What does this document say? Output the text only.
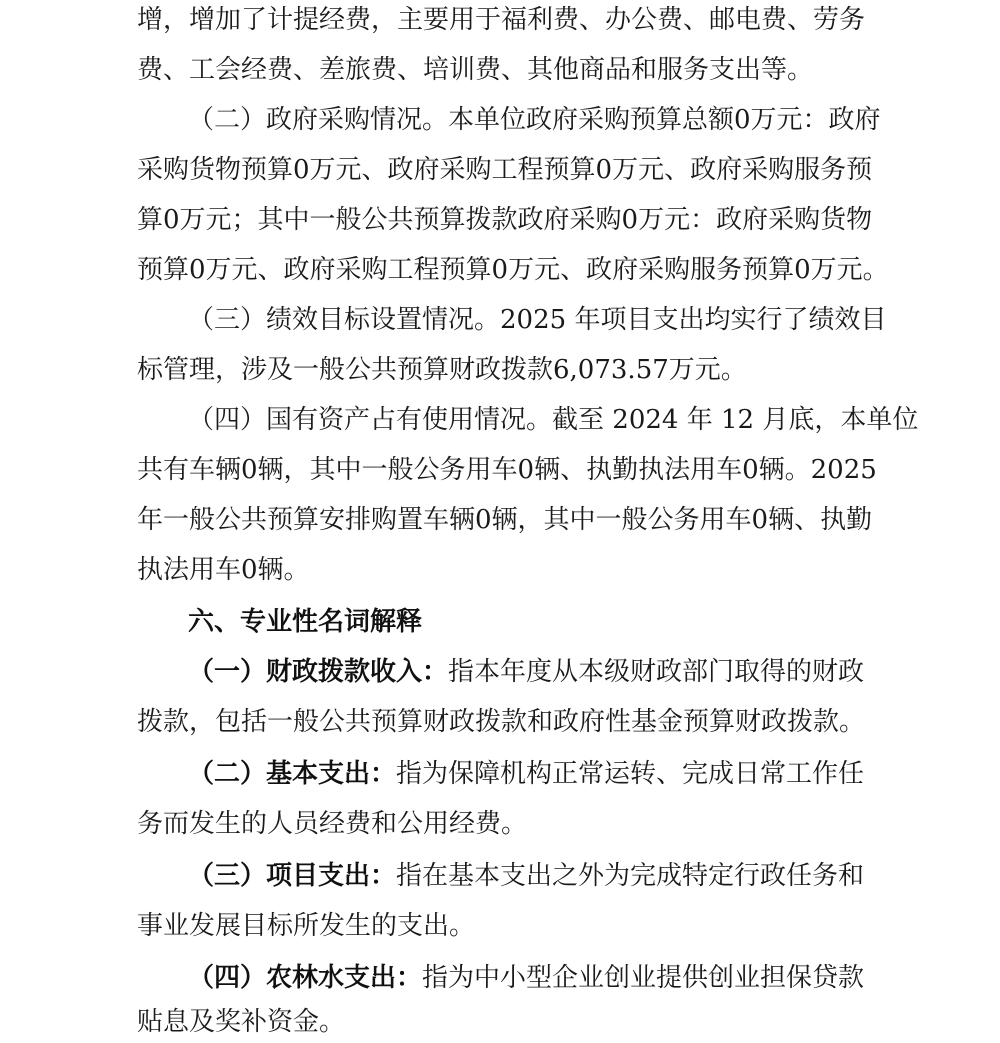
增，增加了计提经费，主要用于福利费、办公费、邮电费、劳务
费、工会经费、差旅费、培训费、其他商品和服务支出等。
（二）政府采购情况。本单位政府采购预算总额0万元：政府
采购货物预算0万元、政府采购工程预算0万元、政府采购服务预
算0万元；其中一般公共预算拨款政府采购0万元：政府采购货物
预算0万元、政府采购工程预算0万元、政府采购服务预算0万元。
（三）绩效目标设置情况。2025 年项目支出均实行了绩效目
标管理，涉及一般公共预算财政拨款6,073.57万元。
（四）国有资产占有使用情况。截至 2024 年 12 月底，本单位
共有车辆0辆，其中一般公务用车0辆、执勤执法用车0辆。2025
年一般公共预算安排购置车辆0辆，其中一般公务用车0辆、执勤
执法用车0辆。
六、专业性名词解释
（一）财政拨款收入：指本年度从本级财政部门取得的财政
拨款，包括一般公共预算财政拨款和政府性基金预算财政拨款。
（二）基本支出：指为保障机构正常运转、完成日常工作任
务而发生的人员经费和公用经费。
（三）项目支出：指在基本支出之外为完成特定行政任务和
事业发展目标所发生的支出。
（四）农林水支出：指为中小型企业创业提供创业担保贷款
贴息及奖补资金。
